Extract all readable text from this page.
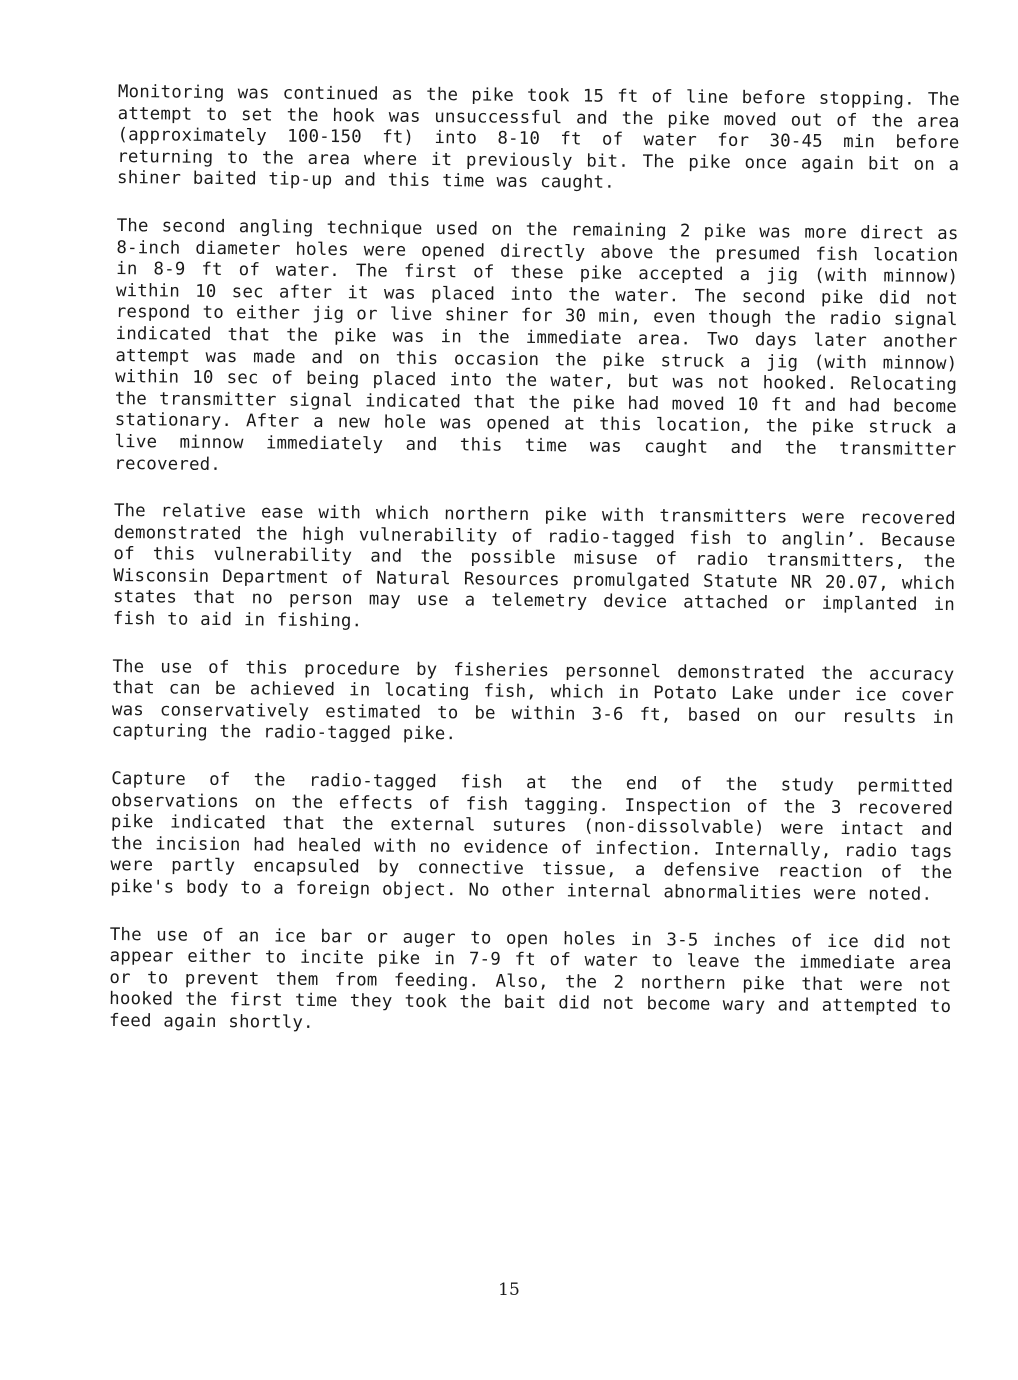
Monitoring was continued as the pike took 15 ft of line before stopping. The attempt to set the hook was unsuccessful and the pike moved out of the area (approximately 100-150 ft) into 8-10 ft of water for 30-45 min before returning to the area where it previously bit. The pike once again bit on a shiner baited tip-up and this time was caught.

The second angling technique used on the remaining 2 pike was more direct as 8-inch diameter holes were opened directly above the presumed fish location in 8-9 ft of water. The first of these pike accepted a jig (with minnow) within 10 sec after it was placed into the water. The second pike did not respond to either jig or live shiner for 30 min, even though the radio signal indicated that the pike was in the immediate area. Two days later another attempt was made and on this occasion the pike struck a jig (with minnow) within 10 sec of being placed into the water, but was not hooked. Relocating the transmitter signal indicated that the pike had moved 10 ft and had become stationary. After a new hole was opened at this location, the pike struck a live minnow immediately and this time was caught and the transmitter recovered.

The relative ease with which northern pike with transmitters were recovered demonstrated the high vulnerability of radio-tagged fish to anglin’. Because of this vulnerability and the possible misuse of radio transmitters, the Wisconsin Department of Natural Resources promulgated Statute NR 20.07, which states that no person may use a telemetry device attached or implanted in fish to aid in fishing.

The use of this procedure by fisheries personnel demonstrated the accuracy that can be achieved in locating fish, which in Potato Lake under ice cover was conservatively estimated to be within 3-6 ft, based on our results in capturing the radio-tagged pike.

Capture of the radio-tagged fish at the end of the study permitted observations on the effects of fish tagging. Inspection of the 3 recovered pike indicated that the external sutures (non-dissolvable) were intact and the incision had healed with no evidence of infection. Internally, radio tags were partly encapsuled by connective tissue, a defensive reaction of the pike's body to a foreign object. No other internal abnormalities were noted.

The use of an ice bar or auger to open holes in 3-5 inches of ice did not appear either to incite pike in 7-9 ft of water to leave the immediate area or to prevent them from feeding. Also, the 2 northern pike that were not hooked the first time they took the bait did not become wary and attempted to feed again shortly.

15
